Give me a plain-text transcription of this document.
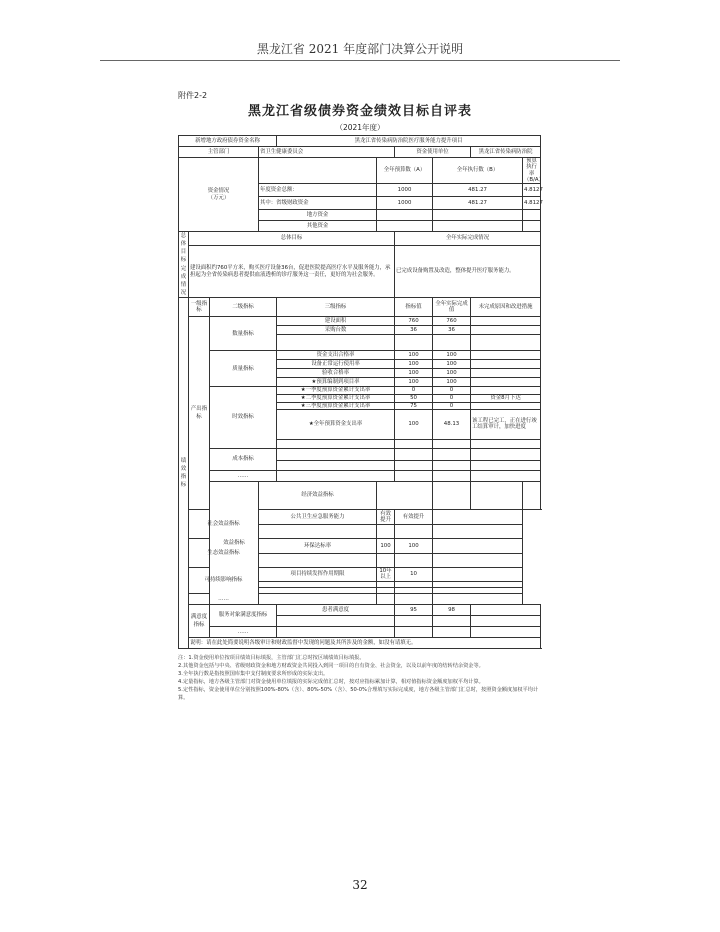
黑龙江省 2021 年度部门决算公开说明
附件2-2
黑龙江省级债券资金绩效目标自评表
（2021年度）
新增地方政府债券资金名称				黑龙江省传染病防治院医疗服务能力提升项目					
主管部门			省卫生健康委员会			资金使用单位		黑龙江省传染病防治院	
资金情况
（万元）					全年预算数（A）		全年执行数（B）		预算执行率（B/A）
			年度资金总额：		1000		481.27		4.8127
			其中：省级财政资金		1000		481.27		4.8127
			地方资金						
			其他资金						
总体目标完成情况	总体目标					全年实际完成情况			
	建设面积约760平方米，购买医疗设备36台，促进医院提高医疗水平及服务能力，承担起为全省传染病患者提供血液透析的诊疗服务这一责任，更好的为社会服务。					已完成设备购置及改造，整体提升医疗服务能力。			
绩效指标	一级指标	二级指标		三级指标		指标值	全年实际完成值	未完成原因和改进措施	
	产出指标	数量指标		建设面积		760	760		
				采购台数		36	36		

		质量指标		资金支出合格率		100	100		
				设备正常运行使用率		100	100		
				验收合格率		100	100		
				★预算编制到项目率		100	100		
		时效指标		★一季度预算资金累计支出率		0	0		
				★二季度预算资金累计支出率		50	0	资金8月下达	
				★三季度预算资金累计支出率		75	0		
				★全年预算资金支出率		100	48.13	该工程已完工，正在进行竣工结算审计，加快进度	

		成本指标							

		……							
		效益指标	经济效益指标						
	社会效益指标		公共卫生应急服务能力		有效提升	有效提升			

	生态效益指标		环保达标率		100	100			

	可持续影响指标		项目持续发挥作用期限		10年以上	10			

	……								
	满意度指标	服务对象满意度指标		患者满意度		95	98		

		……							
	说明：请在此处简要说明各级审计和财政监督中发现的问题及其所涉及的金额，如没有请填无。								
注：1.资金使用单位按项目绩效目标填报，主管部门汇总时按区域绩效目标填报。
2.其他资金包括与中央、省级财政资金和地方财政资金共同投入到同一项目的自有资金、社会资金，以及以前年度的结转结余资金等。
3.全年执行数是指按照国库集中支付制度要求所形成的实际支出。
4.定量指标，地方各级主管部门对资金使用单位填报的实际完成值汇总时，按对应指标累加计算，相对值指标资金额度加权平均计算。
5.定性指标，资金使用单位分别按照100%-80%（含）、80%-50%（含）、50-0%合理填写实际完成度，地方各级主管部门汇总时，按照资金额度加权平均计算。
32
